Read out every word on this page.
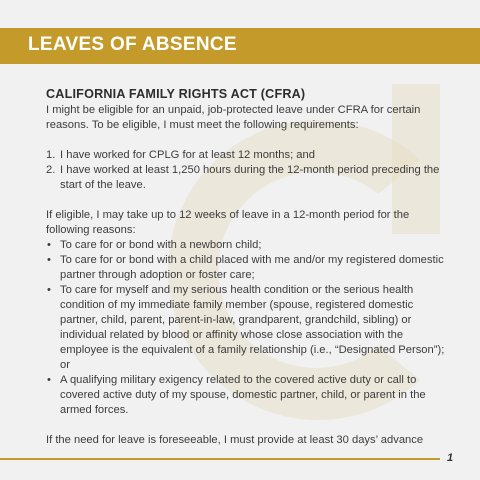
LEAVES OF ABSENCE
CALIFORNIA FAMILY RIGHTS ACT (CFRA)

I might be eligible for an unpaid, job-protected leave under CFRA for certain reasons. To be eligible, I must meet the following requirements:

1. I have worked for CPLG for at least 12 months; and
2. I have worked at least 1,250 hours during the 12-month period preceding the start of the leave.

If eligible, I may take up to 12 weeks of leave in a 12-month period for the following reasons:

• To care for or bond with a newborn child;
• To care for or bond with a child placed with me and/or my registered domestic partner through adoption or foster care;
• To care for myself and my serious health condition or the serious health condition of my immediate family member (spouse, registered domestic partner, child, parent, parent-in-law, grandparent, grandchild, sibling) or individual related by blood or affinity whose close association with the employee is the equivalent of a family relationship (i.e., “Designated Person”); or
• A qualifying military exigency related to the covered active duty or call to covered active duty of my spouse, domestic partner, child, or parent in the armed forces.

If the need for leave is foreseeable, I must provide at least 30 days’ advance

1
